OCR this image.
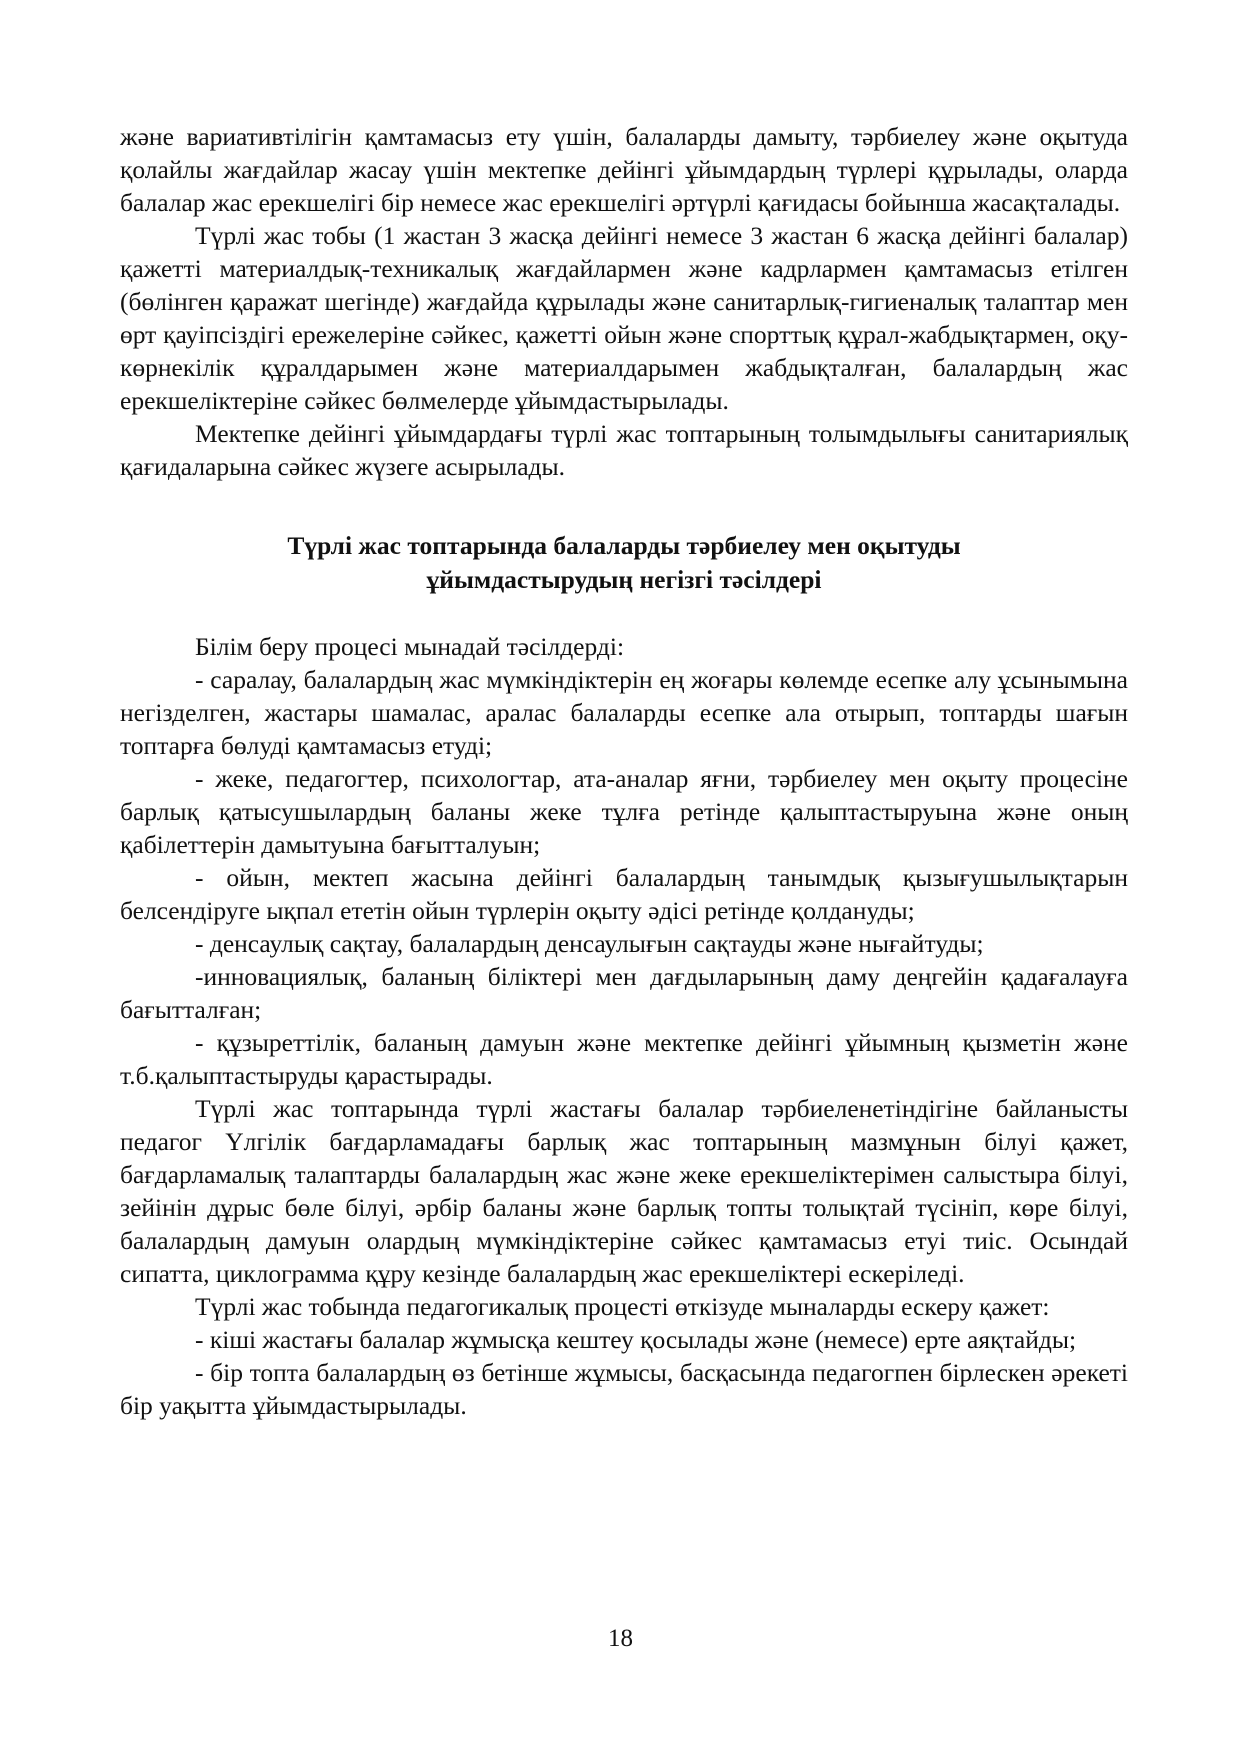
және вариативтілігін қамтамасыз ету үшін, балаларды дамыту, тәрбиелеу және оқытуда қолайлы жағдайлар жасау үшін мектепке дейінгі ұйымдардың түрлері құрылады, оларда балалар жас ерекшелігі бір немесе жас ерекшелігі әртүрлі қағидасы бойынша жасақталады.

Түрлі жас тобы (1 жастан 3 жасқа дейінгі немесе 3 жастан 6 жасқа дейінгі балалар) қажетті материалдық-техникалық жағдайлармен және кадрлармен қамтамасыз етілген (бөлінген қаражат шегінде) жағдайда құрылады және санитарлық-гигиеналық талаптар мен өрт қауіпсіздігі ережелеріне сәйкес, қажетті ойын және спорттық құрал-жабдықтармен, оқу-көрнекілік құралдарымен және материалдарымен жабдықталған, балалардың жас ерекшеліктеріне сәйкес бөлмелерде ұйымдастырылады.

Мектепке дейінгі ұйымдардағы түрлі жас топтарының толымдылығы санитариялық қағидаларына сәйкес жүзеге асырылады.

Түрлі жас топтарында балаларды тәрбиелеу мен оқытуды
ұйымдастырудың негізгі тәсілдері

Білім беру процесі мынадай тәсілдерді:

- саралау, балалардың жас мүмкіндіктерін ең жоғары көлемде есепке алу ұсынымына негізделген, жастары шамалас, аралас балаларды есепке ала отырып, топтарды шағын топтарға бөлуді қамтамасыз етуді;

- жеке, педагогтер, психологтар, ата-аналар яғни, тәрбиелеу мен оқыту процесіне барлық қатысушылардың баланы жеке тұлға ретінде қалыптастыруына және оның қабілеттерін дамытуына бағытталуын;

- ойын, мектеп жасына дейінгі балалардың танымдық қызығушылықтарын белсендіруге ықпал ететін ойын түрлерін оқыту әдісі ретінде қолдануды;

- денсаулық сақтау, балалардың денсаулығын сақтауды және нығайтуды;

-инновациялық, баланың біліктері мен дағдыларының даму деңгейін қадағалауға бағытталған;

- құзыреттілік, баланың дамуын және мектепке дейінгі ұйымның қызметін және т.б.қалыптастыруды қарастырады.

Түрлі жас топтарында түрлі жастағы балалар тәрбиеленетіндігіне байланысты педагог Үлгілік бағдарламадағы барлық жас топтарының мазмұнын білуі қажет, бағдарламалық талаптарды балалардың жас және жеке ерекшеліктерімен салыстыра білуі, зейінін дұрыс бөле білуі, әрбір баланы және барлық топты толықтай түсініп, көре білуі, балалардың дамуын олардың мүмкіндіктеріне сәйкес қамтамасыз етуі тиіс. Осындай сипатта, циклограмма құру кезінде балалардың жас ерекшеліктері ескеріледі.

Түрлі жас тобында педагогикалық процесті өткізуде мыналарды ескеру қажет:

- кіші жастағы балалар жұмысқа кештеу қосылады және (немесе) ерте аяқтайды;

- бір топта балалардың өз бетінше жұмысы, басқасында педагогпен бірлескен әрекеті бір уақытта ұйымдастырылады.

18
